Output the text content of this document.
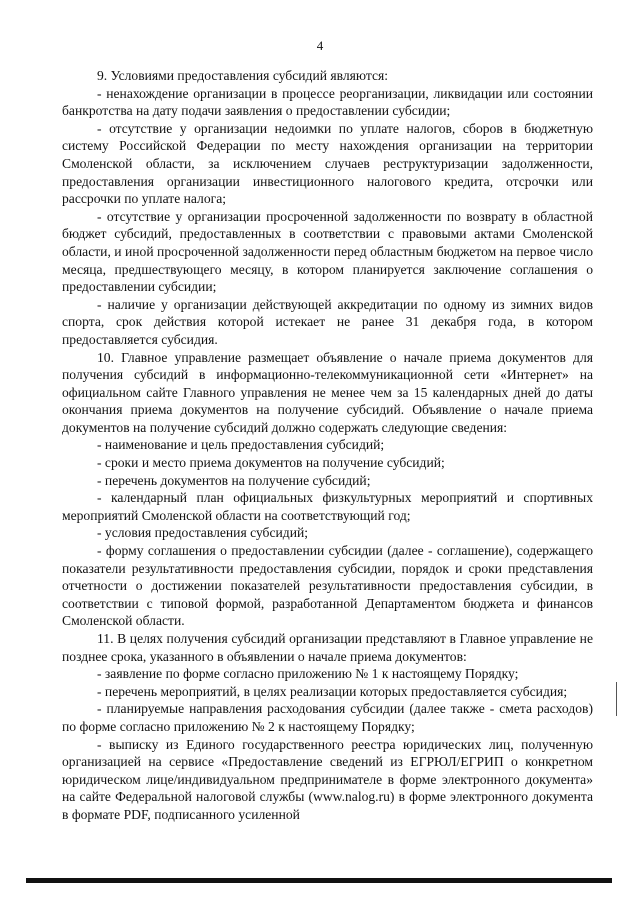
4

9. Условиями предоставления субсидий являются:

- ненахождение организации в процессе реорганизации, ликвидации или состоянии банкротства на дату подачи заявления о предоставлении субсидии;

- отсутствие у организации недоимки по уплате налогов, сборов в бюджетную систему Российской Федерации по месту нахождения организации на территории Смоленской области, за исключением случаев реструктуризации задолженности, предоставления организации инвестиционного налогового кредита, отсрочки или рассрочки по уплате налога;

- отсутствие у организации просроченной задолженности по возврату в областной бюджет субсидий, предоставленных в соответствии с правовыми актами Смоленской области, и иной просроченной задолженности перед областным бюджетом на первое число месяца, предшествующего месяцу, в котором планируется заключение соглашения о предоставлении субсидии;

- наличие у организации действующей аккредитации по одному из зимних видов спорта, срок действия которой истекает не ранее 31 декабря года, в котором предоставляется субсидия.

10. Главное управление размещает объявление о начале приема документов для получения субсидий в информационно-телекоммуникационной сети «Интернет» на официальном сайте Главного управления не менее чем за 15 календарных дней до даты окончания приема документов на получение субсидий. Объявление о начале приема документов на получение субсидий должно содержать следующие сведения:

- наименование и цель предоставления субсидий;

- сроки и место приема документов на получение субсидий;

- перечень документов на получение субсидий;

- календарный план официальных физкультурных мероприятий и спортивных мероприятий Смоленской области на соответствующий год;

- условия предоставления субсидий;

- форму соглашения о предоставлении субсидии (далее - соглашение), содержащего показатели результативности предоставления субсидии, порядок и сроки представления отчетности о достижении показателей результативности предоставления субсидии, в соответствии с типовой формой, разработанной Департаментом бюджета и финансов Смоленской области.

11. В целях получения субсидий организации представляют в Главное управление не позднее срока, указанного в объявлении о начале приема документов:

- заявление по форме согласно приложению № 1 к настоящему Порядку;

- перечень мероприятий, в целях реализации которых предоставляется субсидия;

- планируемые направления расходования субсидии (далее также - смета расходов) по форме согласно приложению № 2 к настоящему Порядку;

- выписку из Единого государственного реестра юридических лиц, полученную организацией на сервисе «Предоставление сведений из ЕГРЮЛ/ЕГРИП о конкретном юридическом лице/индивидуальном предпринимателе в форме электронного документа» на сайте Федеральной налоговой службы (www.nalog.ru) в форме электронного документа в формате PDF, подписанного усиленной
